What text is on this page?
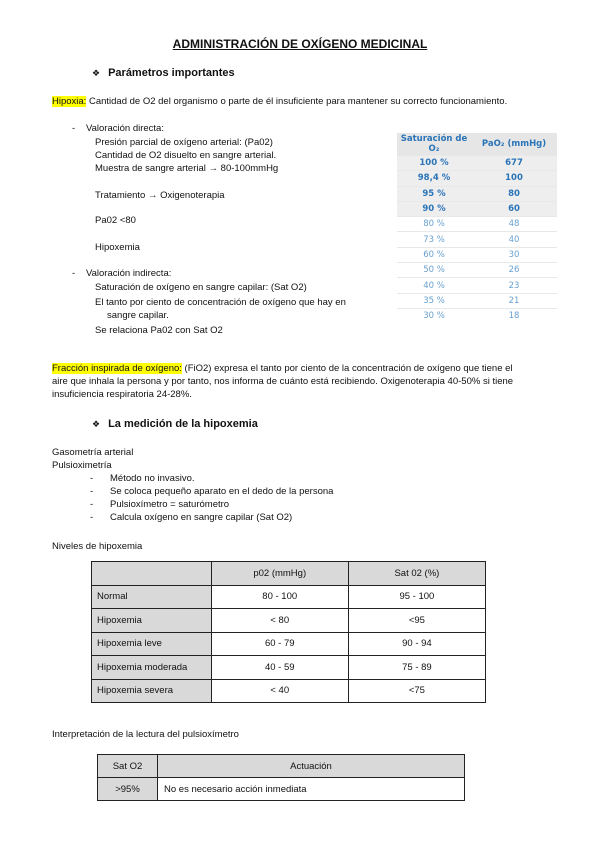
ADMINISTRACIÓN DE OXÍGENO MEDICINAL
❖ Parámetros importantes
Hipoxia: Cantidad de O2 del organismo o parte de él insuficiente para mantener su correcto funcionamiento.
- Valoración directa:
Presión parcial de oxígeno arterial: (Pa02)
Cantidad de O2 disuelto en sangre arterial.
Muestra de sangre arterial → 80-100mmHg
Tratamiento → Oxigenoterapia
Pa02 <80
Hipoxemia
- Valoración indirecta:
Saturación de oxígeno en sangre capilar: (Sat O2)
El tanto por ciento de concentración de oxígeno que hay en
sangre capilar.
Se relaciona Pa02 con Sat O2
Saturación de O₂	PaO₂ (mmHg)
100 %	677
98,4 %	100
95 %	80
90 %	60
80 %	48
73 %	40
60 %	30
50 %	26
40 %	23
35 %	21
30 %	18
Fracción inspirada de oxígeno: (FiO2) expresa el tanto por ciento de la concentración de oxígeno que tiene el
aire que inhala la persona y por tanto, nos informa de cuánto está recibiendo. Oxigenoterapia 40-50% si tiene
insuficiencia respiratoria 24-28%.
❖ La medición de la hipoxemia
Gasometría arterial
Pulsioximetría
- Método no invasivo.
- Se coloca pequeño aparato en el dedo de la persona
- Pulsioxímetro = saturómetro
- Calcula oxígeno en sangre capilar (Sat O2)
Niveles de hipoxemia
	p02 (mmHg)	Sat 02 (%)
Normal	80 - 100	95 - 100
Hipoxemia	< 80	<95
Hipoxemia leve	60 - 79	90 - 94
Hipoxemia moderada	40 - 59	75 - 89
Hipoxemia severa	< 40	<75
Interpretación de la lectura del pulsioxímetro
Sat O2	Actuación
>95%	No es necesario acción inmediata
